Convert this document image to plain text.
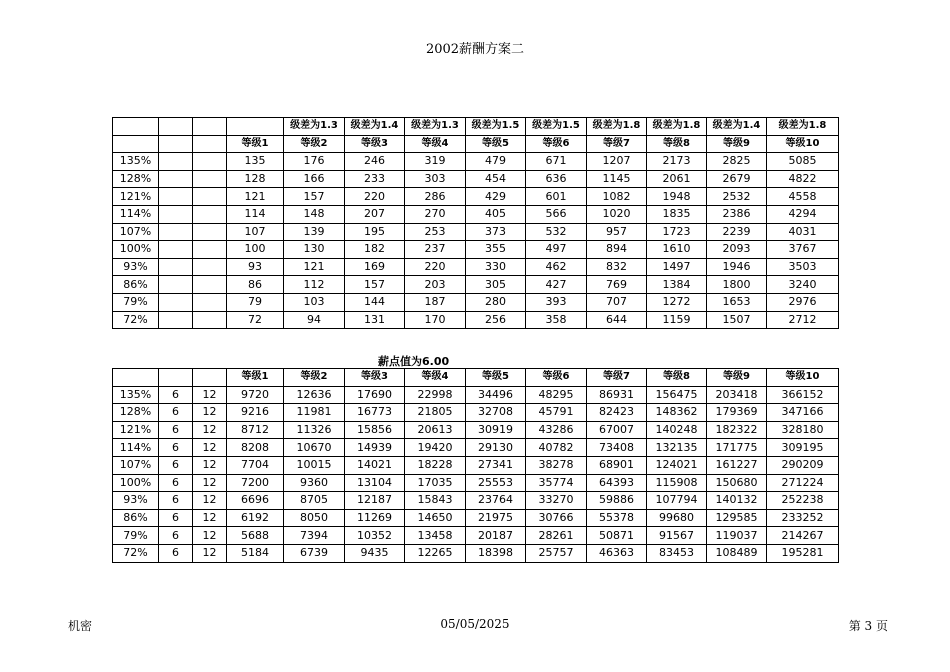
2002薪酬方案二
				级差为1.3	级差为1.4	级差为1.3	级差为1.5	级差为1.5	级差为1.8	级差为1.8	级差为1.4	级差为1.8
			等级1	等级2	等级3	等级4	等级5	等级6	等级7	等级8	等级9	等级10
135%			135	176	246	319	479	671	1207	2173	2825	5085
128%			128	166	233	303	454	636	1145	2061	2679	4822
121%			121	157	220	286	429	601	1082	1948	2532	4558
114%			114	148	207	270	405	566	1020	1835	2386	4294
107%			107	139	195	253	373	532	957	1723	2239	4031
100%			100	130	182	237	355	497	894	1610	2093	3767
93%			93	121	169	220	330	462	832	1497	1946	3503
86%			86	112	157	203	305	427	769	1384	1800	3240
79%			79	103	144	187	280	393	707	1272	1653	2976
72%			72	94	131	170	256	358	644	1159	1507	2712
薪点值为6.00
			等级1	等级2	等级3	等级4	等级5	等级6	等级7	等级8	等级9	等级10
135%	6	12	9720	12636	17690	22998	34496	48295	86931	156475	203418	366152
128%	6	12	9216	11981	16773	21805	32708	45791	82423	148362	179369	347166
121%	6	12	8712	11326	15856	20613	30919	43286	67007	140248	182322	328180
114%	6	12	8208	10670	14939	19420	29130	40782	73408	132135	171775	309195
107%	6	12	7704	10015	14021	18228	27341	38278	68901	124021	161227	290209
100%	6	12	7200	9360	13104	17035	25553	35774	64393	115908	150680	271224
93%	6	12	6696	8705	12187	15843	23764	33270	59886	107794	140132	252238
86%	6	12	6192	8050	11269	14650	21975	30766	55378	99680	129585	233252
79%	6	12	5688	7394	10352	13458	20187	28261	50871	91567	119037	214267
72%	6	12	5184	6739	9435	12265	18398	25757	46363	83453	108489	195281
机密	05/05/2025	第 3 页
